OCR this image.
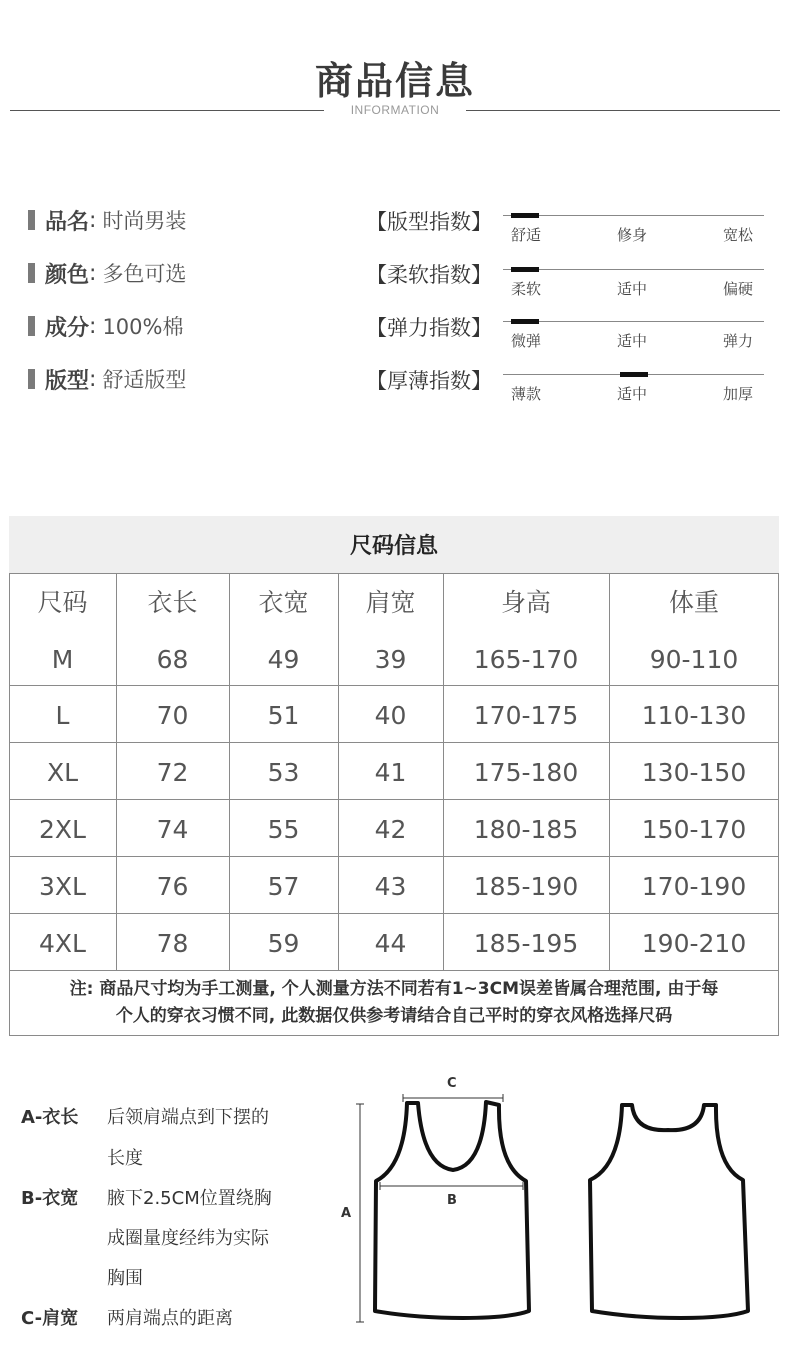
商品信息
INFORMATION
品名 : 时尚男装
颜色 : 多色可选
成分 : 100%棉
版型 : 舒适版型
【版型指数】
舒适	修身	宽松
【柔软指数】
柔软	适中	偏硬
【弹力指数】
微弹	适中	弹力
【厚薄指数】
薄款	适中	加厚
尺码信息
尺码	衣长	衣宽	肩宽	身高	体重
M	68	49	39	165-170	90-110
L	70	51	40	170-175	110-130
XL	72	53	41	175-180	130-150
2XL	74	55	42	180-185	150-170
3XL	76	57	43	185-190	170-190
4XL	78	59	44	185-195	190-210
注: 商品尺寸均为手工测量, 个人测量方法不同若有1~3CM误差皆属合理范围, 由于每
个人的穿衣习惯不同, 此数据仅供参考请结合自己平时的穿衣风格选择尺码
A-衣长 后领肩端点到下摆的
长度
B-衣宽 腋下2.5CM位置绕胸
成圈量度经纬为实际
胸围
C-肩宽 两肩端点的距离
C
B
A
